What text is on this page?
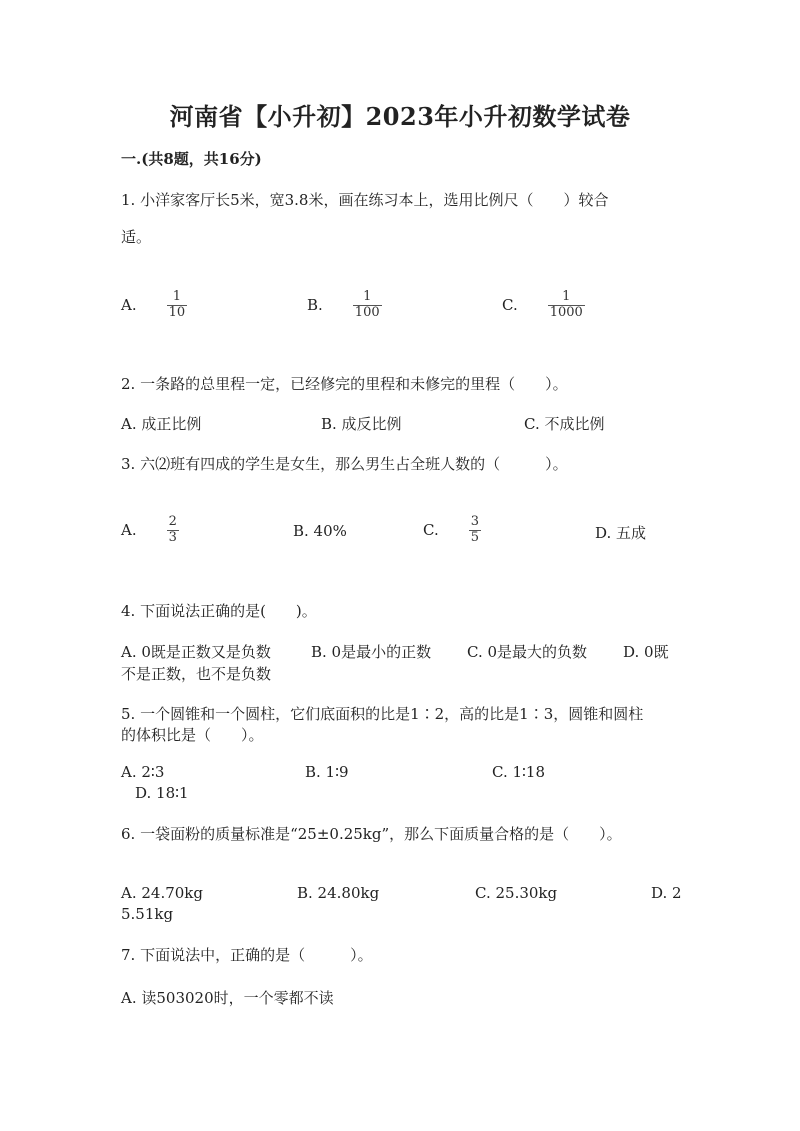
河南省【小升初】2023年小升初数学试卷
一.(共8题，共16分)
1. 小洋家客厅长5米，宽3.8米，画在练习本上，选用比例尺（　　）较合
适。
A. $\frac{1}{10}$	B. $\frac{1}{100}$	C. $\frac{1}{1000}$
2. 一条路的总里程一定，已经修完的里程和未修完的里程（　　）。
A. 成正比例	B. 成反比例	C. 不成比例
3. 六⑵班有四成的学生是女生，那么男生占全班人数的（　　　）。
A. $\frac{2}{3}$	B. 40%	C. $\frac{3}{5}$	D. 五成
4. 下面说法正确的是(　　)。
A. 0既是正数又是负数	B. 0是最小的正数 C. 0是最大的负数 D. 0既
不是正数，也不是负数
5. 一个圆锥和一个圆柱，它们底面积的比是1∶2，高的比是1∶3，圆锥和圆柱
的体积比是（　　）。
A. 2∶3	B. 1∶9	C. 1∶18
D. 18∶1
6. 一袋面粉的质量标准是“25±0.25kg”，那么下面质量合格的是（　　）。
A. 24.70kg	B. 24.80kg	C. 25.30kg	D. 2
5.51kg
7. 下面说法中，正确的是（　　　）。
A. 读503020时，一个零都不读
